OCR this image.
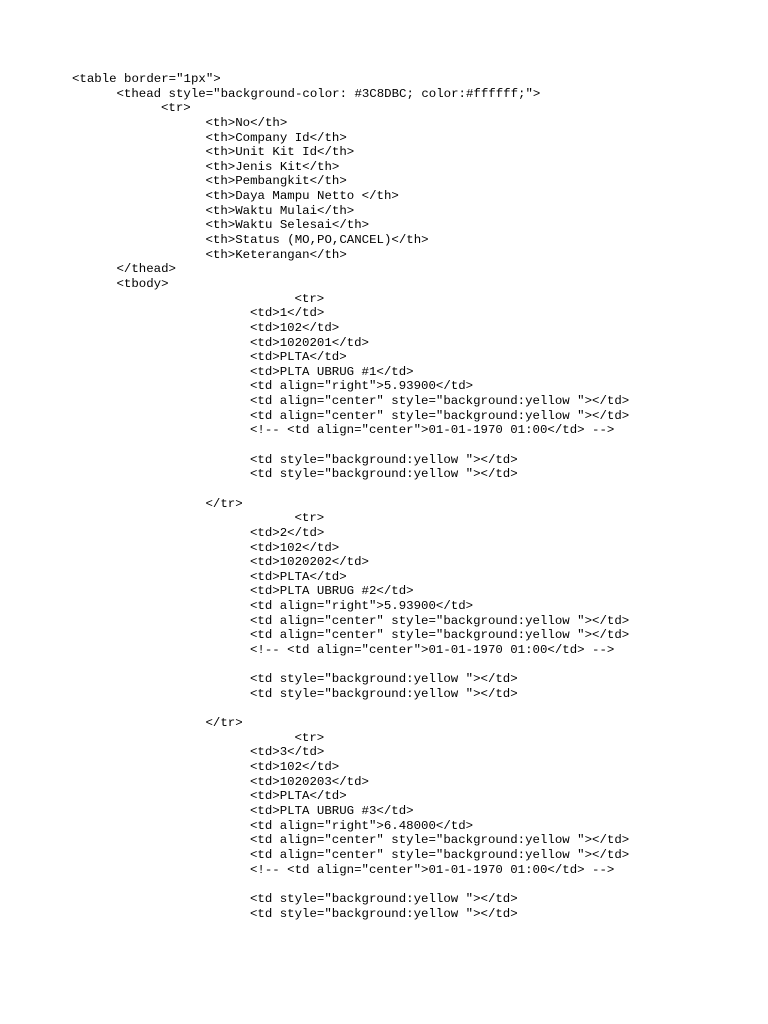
<table border="1px">
<thead style="background-color: #3C8DBC; color:#ffffff;">
<tr>
<th>No</th>
<th>Company Id</th>
<th>Unit Kit Id</th>
<th>Jenis Kit</th>
<th>Pembangkit</th>
<th>Daya Mampu Netto </th>
<th>Waktu Mulai</th>
<th>Waktu Selesai</th>
<th>Status (MO,PO,CANCEL)</th>
<th>Keterangan</th>
</thead>
<tbody>
<tr>
<td>1</td>
<td>102</td>
<td>1020201</td>
<td>PLTA</td>
<td>PLTA UBRUG #1</td>
<td align="right">5.93900</td>
<td align="center" style="background:yellow "></td>
<td align="center" style="background:yellow "></td>
<!-- <td align="center">01-01-1970 01:00</td> -->
<td style="background:yellow "></td>
<td style="background:yellow "></td>
</tr>
<tr>
<td>2</td>
<td>102</td>
<td>1020202</td>
<td>PLTA</td>
<td>PLTA UBRUG #2</td>
<td align="right">5.93900</td>
<td align="center" style="background:yellow "></td>
<td align="center" style="background:yellow "></td>
<!-- <td align="center">01-01-1970 01:00</td> -->
<td style="background:yellow "></td>
<td style="background:yellow "></td>
</tr>
<tr>
<td>3</td>
<td>102</td>
<td>1020203</td>
<td>PLTA</td>
<td>PLTA UBRUG #3</td>
<td align="right">6.48000</td>
<td align="center" style="background:yellow "></td>
<td align="center" style="background:yellow "></td>
<!-- <td align="center">01-01-1970 01:00</td> -->
<td style="background:yellow "></td>
<td style="background:yellow "></td>
